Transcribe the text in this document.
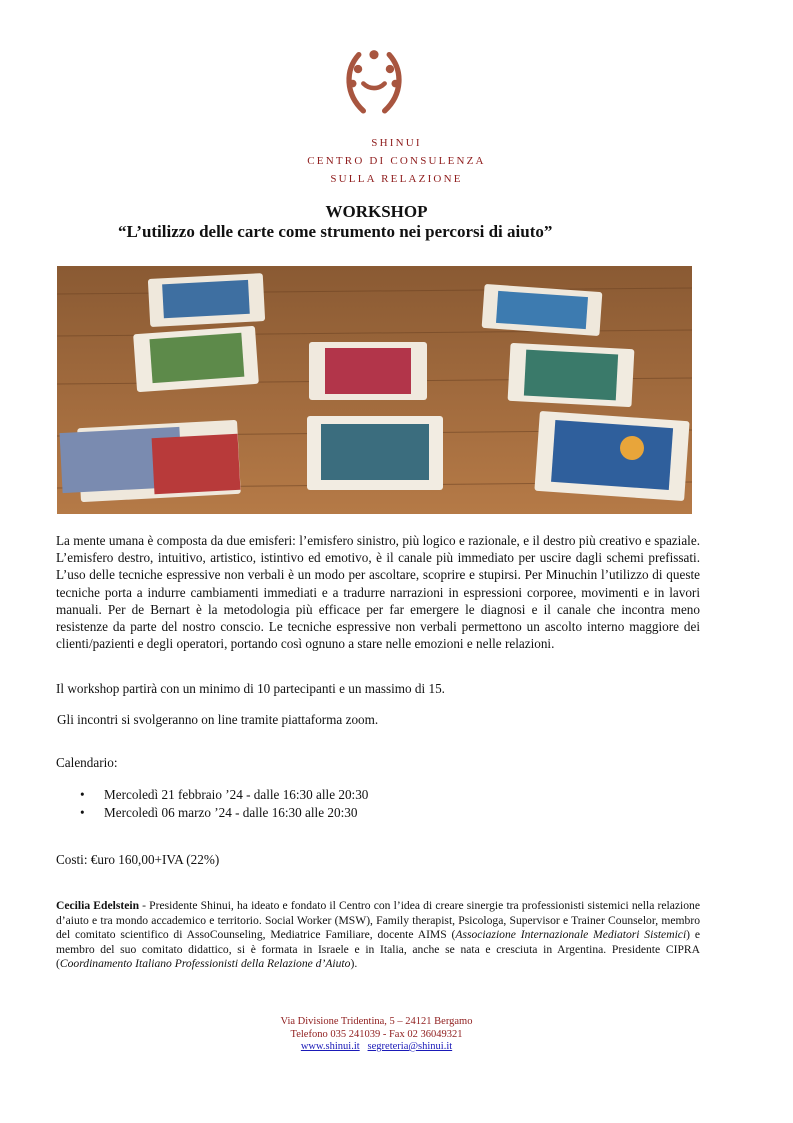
SHINUI
CENTRO DI CONSULENZA
SULLA RELAZIONE
WORKSHOP
“L’utilizzo delle carte come strumento nei percorsi di aiuto”

La mente umana è composta da due emisferi: l’emisfero sinistro, più logico e razionale, e il destro più creativo e spaziale. L’emisfero destro, intuitivo, artistico, istintivo ed emotivo, è il canale più immediato per uscire dagli schemi prefissati. L’uso delle tecniche espressive non verbali è un modo per ascoltare, scoprire e stupirsi. Per Minuchin l’utilizzo di queste tecniche porta a indurre cambiamenti immediati e a tradurre narrazioni in espressioni corporee, movimenti e in lavori manuali. Per de Bernart è la metodologia più efficace per far emergere le diagnosi e il canale che incontra meno resistenze da parte del nostro conscio. Le tecniche espressive non verbali permettono un ascolto interno maggiore dei clienti/pazienti e degli operatori, portando così ognuno a stare nelle emozioni e nelle relazioni.

Il workshop partirà con un minimo di 10 partecipanti e un massimo di 15.

Gli incontri si svolgeranno on line tramite piattaforma zoom.

Calendario:

• Mercoledì 21 febbraio ’24 - dalle 16:30 alle 20:30
• Mercoledì 06 marzo ’24 - dalle 16:30 alle 20:30

Costi: €uro 160,00+IVA (22%)

Cecilia Edelstein - Presidente Shinui, ha ideato e fondato il Centro con l’idea di creare sinergie tra professionisti sistemici nella relazione d’aiuto e tra mondo accademico e territorio. Social Worker (MSW), Family therapist, Psicologa, Supervisor e Trainer Counselor, membro del comitato scientifico di AssoCounseling, Mediatrice Familiare, docente AIMS (Associazione Internazionale Mediatori Sistemici) e membro del suo comitato didattico, si è formata in Israele e in Italia, anche se nata e cresciuta in Argentina. Presidente CIPRA (Coordinamento Italiano Professionisti della Relazione d’Aiuto).

Via Divisione Tridentina, 5 – 24121 Bergamo
Telefono 035 241039 - Fax 02 36049321
www.shinui.it segreteria@shinui.it
